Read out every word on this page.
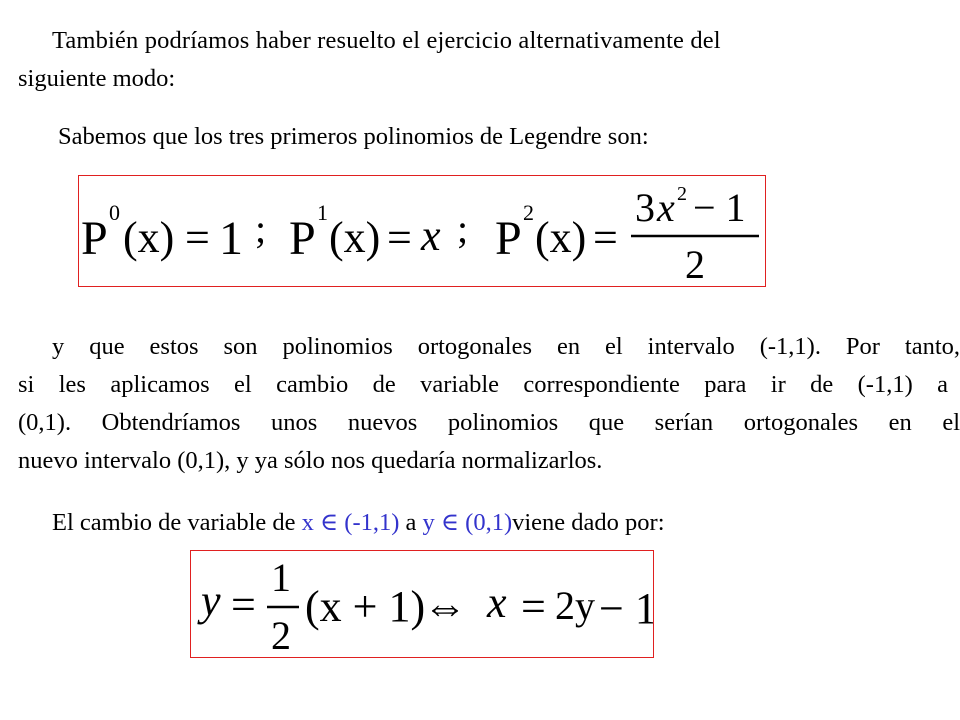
También podríamos haber resuelto el ejercicio alternativamente del
siguiente modo:
Sabemos que los tres primeros polinomios de Legendre son:
P 0
(x) = 1 ; P 1
(x) = x ; P 2
(x) =
3 x 2 − 1
2
y que estos son polinomios ortogonales en el intervalo (-1,1). Por tanto,
si les aplicamos el cambio de variable correspondiente para ir de (-1,1) a
(0,1). Obtendríamos unos nuevos polinomios que serían ortogonales en el
nuevo intervalo (0,1), y ya sólo nos quedaría normalizarlos.
El cambio de variable de x ∈ (-1,1) a y ∈ (0,1)viene dado por:
y =
1
2
(x + 1)
⇔ x = 2y − 1
